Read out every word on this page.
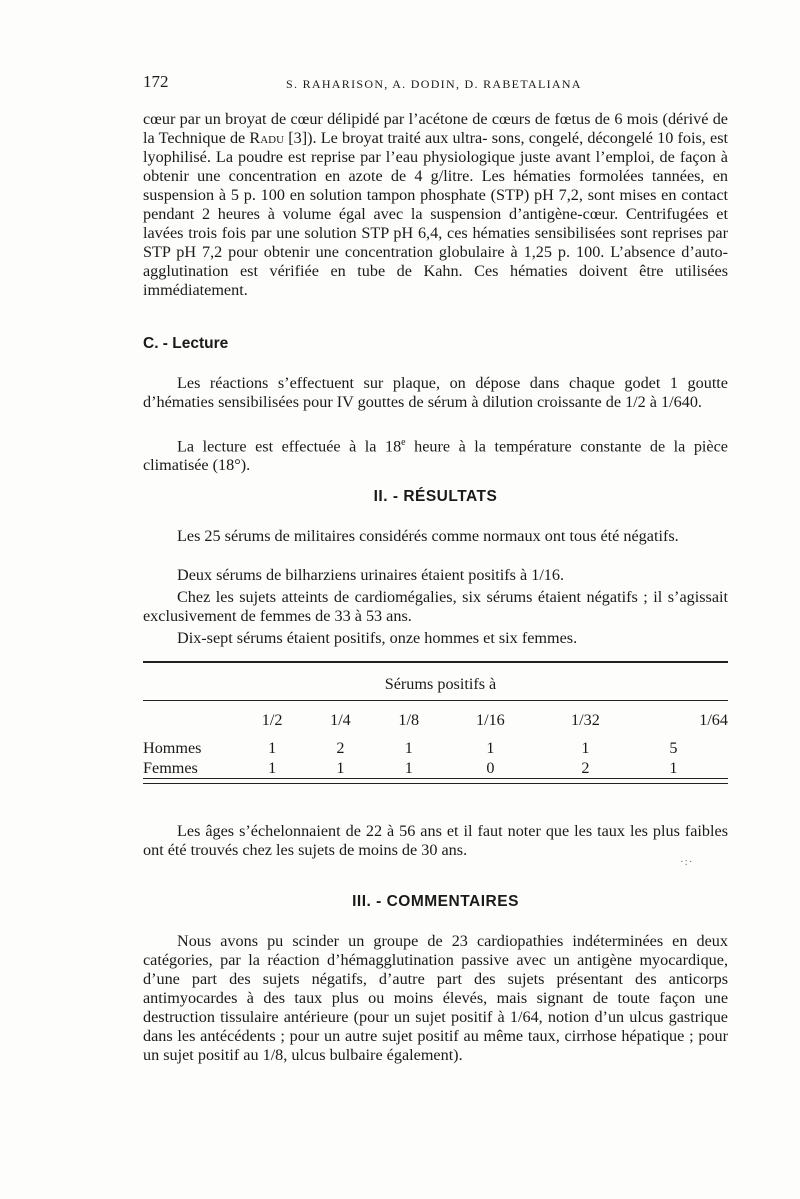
172	S. RAHARISON, A. DODIN, D. RABETALIANA

cœur par un broyat de cœur délipidé par l’acétone de cœurs de fœtus de 6 mois (dérivé de la Technique de Radu [3]). Le broyat traité aux ultra- sons, congelé, décongelé 10 fois, est lyophilisé. La poudre est reprise par l’eau physiologique juste avant l’emploi, de façon à obtenir une concentration en azote de 4 g/litre. Les hématies formolées tannées, en suspension à 5 p. 100 en solution tampon phosphate (STP) pH 7,2, sont mises en contact pendant 2 heures à volume égal avec la suspension d’antigène-cœur. Centrifugées et lavées trois fois par une solution STP pH 6,4, ces hématies sensibilisées sont reprises par STP pH 7,2 pour obtenir une concentration globulaire à 1,25 p. 100. L’absence d’auto-agglutination est vérifiée en tube de Kahn. Ces hématies doivent être utilisées immédiatement.

C. - Lecture

Les réactions s’effectuent sur plaque, on dépose dans chaque godet 1 goutte d’hématies sensibilisées pour IV gouttes de sérum à dilution croissante de 1/2 à 1/640.

La lecture est effectuée à la 18e heure à la température constante de la pièce climatisée (18°).

II. - RÉSULTATS

Les 25 sérums de militaires considérés comme normaux ont tous été négatifs.

Deux sérums de bilharziens urinaires étaient positifs à 1/16.

Chez les sujets atteints de cardiomégalies, six sérums étaient négatifs ; il s’agissait exclusivement de femmes de 33 à 53 ans.

Dix-sept sérums étaient positifs, onze hommes et six femmes.

Sérums positifs à
	1/2	1/4	1/8	1/16	1/32	1/64

Hommes	1	2	1	1	1	5
Femmes	1	1	1	0	2	1

Les âges s’échelonnaient de 22 à 56 ans et il faut noter que les taux les plus faibles ont été trouvés chez les sujets de moins de 30 ans.

·:·
III. - COMMENTAIRES

Nous avons pu scinder un groupe de 23 cardiopathies indéterminées en deux catégories, par la réaction d’hémagglutination passive avec un antigène myocardique, d’une part des sujets négatifs, d’autre part des sujets présentant des anticorps antimyocardes à des taux plus ou moins élevés, mais signant de toute façon une destruction tissulaire antérieure (pour un sujet positif à 1/64, notion d’un ulcus gastrique dans les antécédents ; pour un autre sujet positif au même taux, cirrhose hépatique ; pour un sujet positif au 1/8, ulcus bulbaire également).
